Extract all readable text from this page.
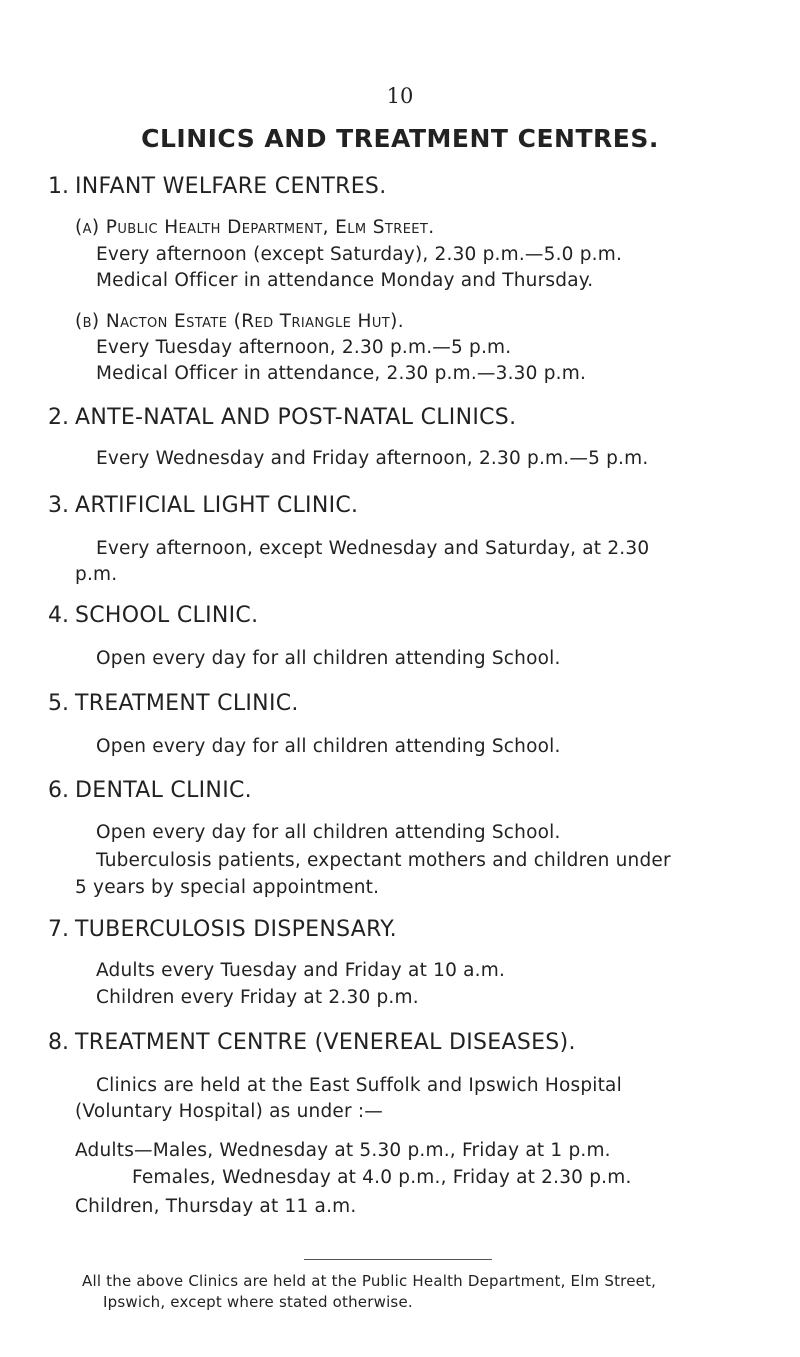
10
CLINICS AND TREATMENT CENTRES.
1. INFANT WELFARE CENTRES.
(a) Public Health Department, Elm Street.
Every afternoon (except Saturday), 2.30 p.m.—5.0 p.m.
Medical Officer in attendance Monday and Thursday.
(b) Nacton Estate (Red Triangle Hut).
Every Tuesday afternoon, 2.30 p.m.—5 p.m.
Medical Officer in attendance, 2.30 p.m.—3.30 p.m.
2. ANTE-NATAL AND POST-NATAL CLINICS.
Every Wednesday and Friday afternoon, 2.30 p.m.—5 p.m.
3. ARTIFICIAL LIGHT CLINIC.
Every afternoon, except Wednesday and Saturday, at 2.30
p.m.
4. SCHOOL CLINIC.
Open every day for all children attending School.
5. TREATMENT CLINIC.
Open every day for all children attending School.
6. DENTAL CLINIC.
Open every day for all children attending School.
Tuberculosis patients, expectant mothers and children under
5 years by special appointment.
7. TUBERCULOSIS DISPENSARY.
Adults every Tuesday and Friday at 10 a.m.
Children every Friday at 2.30 p.m.
8. TREATMENT CENTRE (VENEREAL DISEASES).
Clinics are held at the East Suffolk and Ipswich Hospital
(Voluntary Hospital) as under :—
Adults—Males, Wednesday at 5.30 p.m., Friday at 1 p.m.
Females, Wednesday at 4.0 p.m., Friday at 2.30 p.m.
Children, Thursday at 11 a.m.
All the above Clinics are held at the Public Health Department, Elm Street,
Ipswich, except where stated otherwise.
